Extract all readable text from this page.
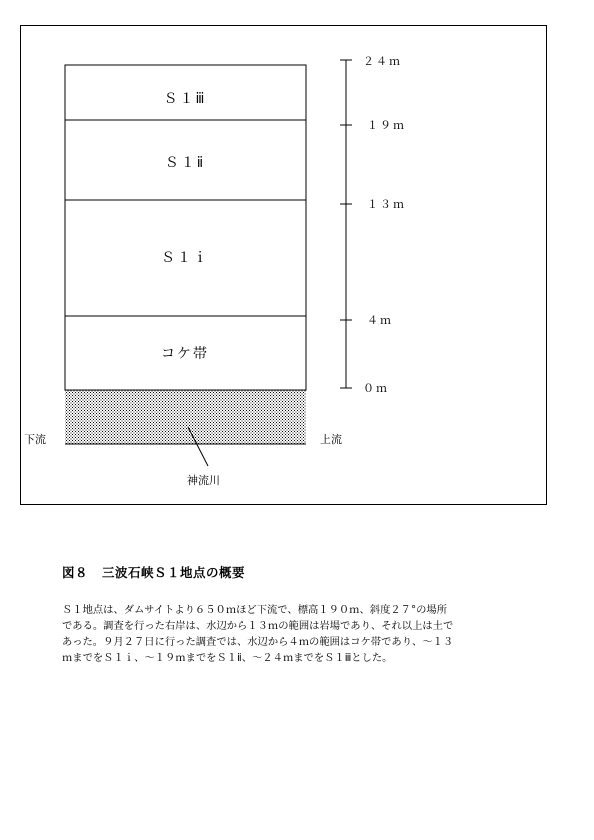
Ｓ１ⅲ
Ｓ１ⅱ
Ｓ１ｉ
コケ帯
２４ｍ
１９ｍ
１３ｍ
４ｍ
０ｍ
下流	上流
神流川

図８ 三波石峡Ｓ１地点の概要

Ｓ１地点は、ダムサイトより６５０ｍほど下流で、標高１９０ｍ、斜度２７°の場所
である。調査を行った右岸は、水辺から１３ｍの範囲は岩場であり、それ以上は土で
あった。９月２７日に行った調査では、水辺から４ｍの範囲はコケ帯であり、～１３
ｍまでをＳ１ｉ、～１９ｍまでをＳ１ⅱ、～２４ｍまでをＳ１ⅲとした。
